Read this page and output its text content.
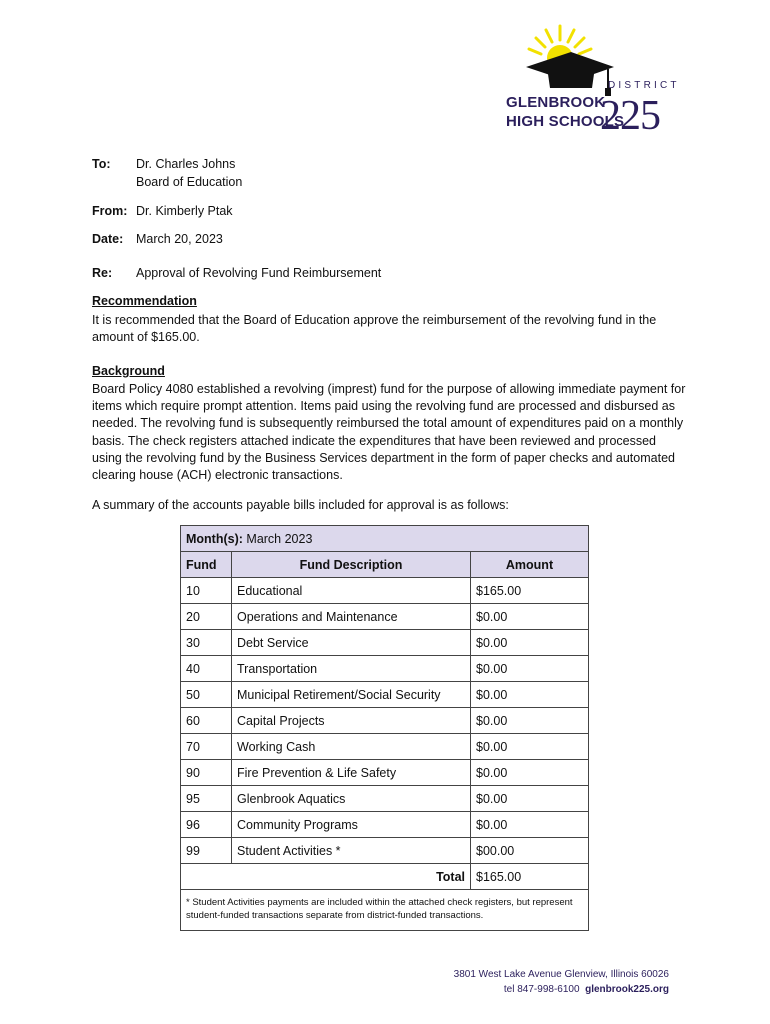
GLENBROOK
HIGH SCHOOLS
DISTRICT
225
To: Dr. Charles Johns
Board of Education
From: Dr. Kimberly Ptak
Date: March 20, 2023
Re: Approval of Revolving Fund Reimbursement
Recommendation
It is recommended that the Board of Education approve the reimbursement of the revolving fund in the amount of $165.00.
Background
Board Policy 4080 established a revolving (imprest) fund for the purpose of allowing immediate payment for items which require prompt attention. Items paid using the revolving fund are processed and disbursed as needed. The revolving fund is subsequently reimbursed the total amount of expenditures paid on a monthly basis. The check registers attached indicate the expenditures that have been reviewed and processed using the revolving fund by the Business Services department in the form of paper checks and automated clearing house (ACH) electronic transactions.
A summary of the accounts payable bills included for approval is as follows:
Month(s): March 2023		
Fund	Fund Description	Amount
10	Educational	$165.00
20	Operations and Maintenance	$0.00
30	Debt Service	$0.00
40	Transportation	$0.00
50	Municipal Retirement/Social Security	$0.00
60	Capital Projects	$0.00
70	Working Cash	$0.00
90	Fire Prevention & Life Safety	$0.00
95	Glenbrook Aquatics	$0.00
96	Community Programs	$0.00
99	Student Activities *	$00.00
Total		$165.00
* Student Activities payments are included within the attached check registers, but represent student-funded transactions separate from district-funded transactions.		
3801 West Lake Avenue Glenview, Illinois 60026
tel 847-998-6100 glenbrook225.org
